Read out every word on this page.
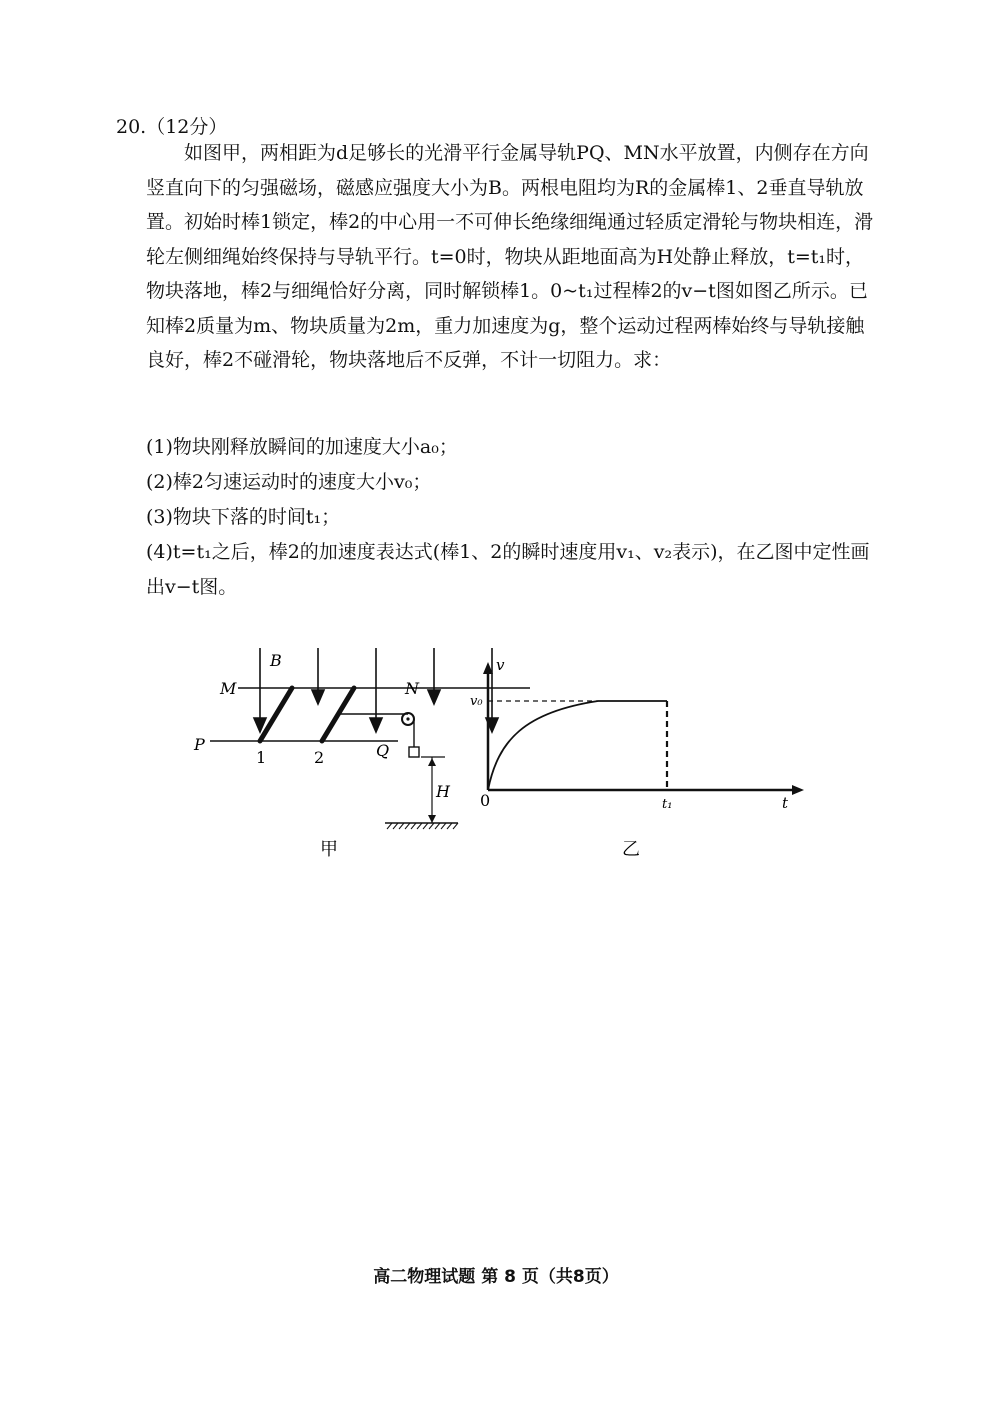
20.（12分）

如图甲，两相距为d足够长的光滑平行金属导轨PQ、MN水平放置，内侧存在方向竖直向下的匀强磁场，磁感应强度大小为B。两根电阻均为R的金属棒1、2垂直导轨放置。初始时棒1锁定，棒2的中心用一不可伸长绝缘细绳通过轻质定滑轮与物块相连，滑轮左侧细绳始终保持与导轨平行。t=0时，物块从距地面高为H处静止释放，t=t₁时，物块落地，棒2与细绳恰好分离，同时解锁棒1。0~t₁过程棒2的v−t图如图乙所示。已知棒2质量为m、物块质量为2m，重力加速度为g，整个运动过程两棒始终与导轨接触良好，棒2不碰滑轮，物块落地后不反弹，不计一切阻力。求：

(1)物块刚释放瞬间的加速度大小a₀；

(2)棒2匀速运动时的速度大小v₀；

(3)物块下落的时间t₁；

(4)t=t₁之后，棒2的加速度表达式(棒1、2的瞬时速度用v₁、v₂表示)，在乙图中定性画出v−t图。

B
M	N
P	Q
1	2
H
甲
v
t
0
v₀
t₁
乙
高二物理试题 第 8 页（共8页）
